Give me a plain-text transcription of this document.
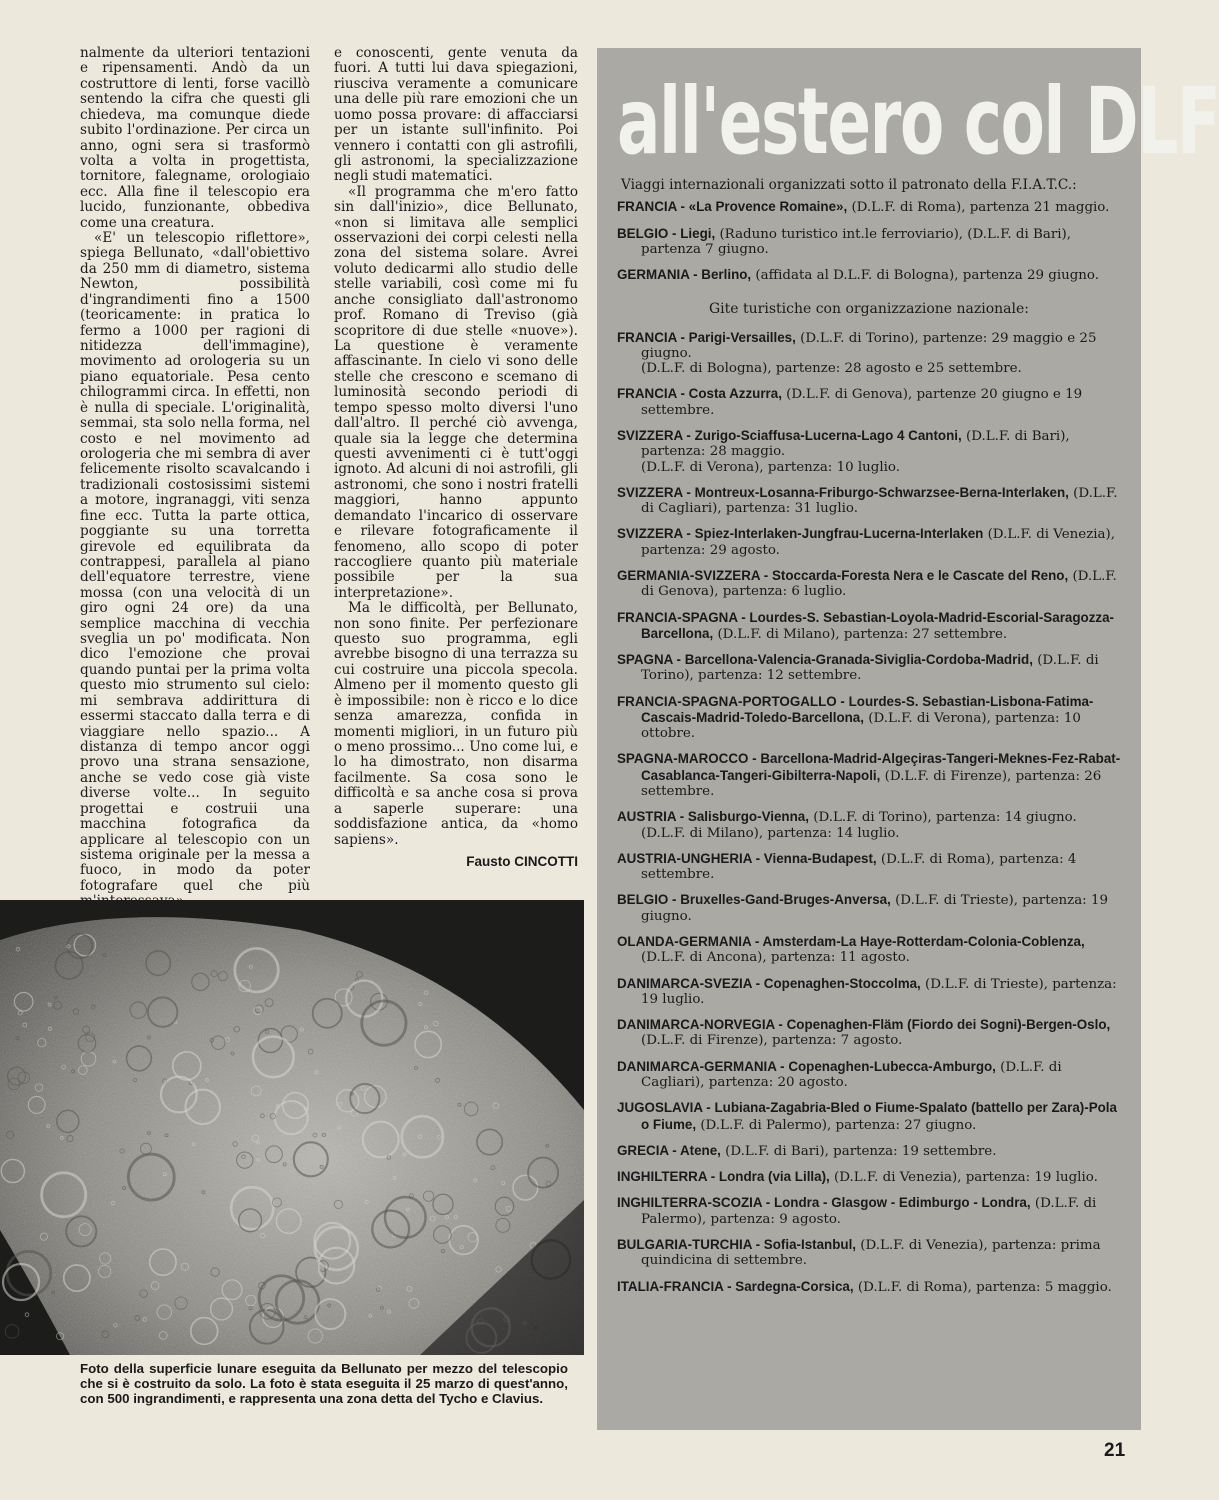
nalmente da ulteriori tentazioni e ripensamenti. Andò da un costruttore di lenti, forse vacillò sentendo la cifra che questi gli chiedeva, ma comunque diede subito l'ordinazione. Per circa un anno, ogni sera si trasformò volta a volta in progettista, tornitore, falegname, orologiaio ecc. Alla fine il telescopio era lucido, funzionante, obbediva come una creatura.

«E' un telescopio riflettore», spiega Bellunato, «dall'obiettivo da 250 mm di diametro, sistema Newton, possibilità d'ingrandimenti fino a 1500 (teoricamente: in pratica lo fermo a 1000 per ragioni di nitidezza dell'immagine), movimento ad orologeria su un piano equatoriale. Pesa cento chilogrammi circa. In effetti, non è nulla di speciale. L'originalità, semmai, sta solo nella forma, nel costo e nel movimento ad orologeria che mi sembra di aver felicemente risolto scavalcando i tradizionali costosissimi sistemi a motore, ingranaggi, viti senza fine ecc. Tutta la parte ottica, poggiante su una torretta girevole ed equilibrata da contrappesi, parallela al piano dell'equatore terrestre, viene mossa (con una velocità di un giro ogni 24 ore) da una semplice macchina di vecchia sveglia un po' modificata. Non dico l'emozione che provai quando puntai per la prima volta questo mio strumento sul cielo: mi sembrava addirittura di essermi staccato dalla terra e di viaggiare nello spazio... A distanza di tempo ancor oggi provo una strana sensazione, anche se vedo cose già viste diverse volte... In seguito progettai e costruii una macchina fotografica da applicare al telescopio con un sistema originale per la messa a fuoco, in modo da poter fotografare quel che più

e conoscenti, gente venuta da fuori. A tutti lui dava spiegazioni, riusciva veramente a comunicare una delle più rare emozioni che un uomo possa provare: di affacciarsi per un istante sull'infinito. Poi vennero i contatti con gli astrofili, gli astronomi, la specializzazione negli studi matematici.

«Il programma che m'ero fatto sin dall'inizio», dice Bellunato, «non si limitava alle semplici osservazioni dei corpi celesti nella zona del sistema solare. Avrei voluto dedicarmi allo studio delle stelle variabili, così come mi fu anche consigliato dall'astronomo prof. Romano di Treviso (già scopritore di due stelle «nuove»). La questione è veramente affascinante. In cielo vi sono delle stelle che crescono e scemano di luminosità secondo periodi di tempo spesso molto diversi l'uno dall'altro. Il perché ciò avvenga, quale sia la legge che determina questi avvenimenti ci è tutt'oggi ignoto. Ad alcuni di noi astrofili, gli astronomi, che sono i nostri fratelli maggiori, hanno appunto demandato l'incarico di osservare e rilevare fotograficamente il fenomeno, allo scopo di poter raccogliere quanto più materiale possibile per la sua interpretazione».

Ma le difficoltà, per Bellunato, non sono finite. Per perfezionare questo suo programma, egli avrebbe bisogno di una terrazza su cui costruire una piccola specola. Almeno per il momento questo gli è impossibile: non è ricco e lo dice senza amarezza, confida in momenti migliori, in un futuro più o meno prossimo... Uno come lui, e lo ha dimostrato, non disarma facilmente. Sa cosa sono le difficoltà e sa anche cosa si prova a saperle superare: una soddisfazione antica, da «homo sapiens».

Fausto CINCOTTI
Foto della superficie lunare eseguita da Bellunato per mezzo del telescopio che si è costruito da solo. La foto è stata eseguita il 25 marzo di quest'anno, con 500 ingrandimenti, e rappresenta una zona detta del Tycho e Clavius.
all'estero col DLF
Viaggi internazionali organizzati sotto il patronato della F.I.A.T.C.:
FRANCIA - «La Provence Romaine», (D.L.F. di Roma), partenza 21 maggio.
BELGIO - Liegi, (Raduno turistico int.le ferroviario), (D.L.F. di Bari), partenza 7 giugno.
GERMANIA - Berlino, (affidata al D.L.F. di Bologna), partenza 29 giugno.
Gite turistiche con organizzazione nazionale:
FRANCIA - Parigi-Versailles, (D.L.F. di Torino), partenze: 29 maggio e 25 giugno.
(D.L.F. di Bologna), partenze: 28 agosto e 25 settembre.
FRANCIA - Costa Azzurra, (D.L.F. di Genova), partenze 20 giugno e 19 settembre.
SVIZZERA - Zurigo-Sciaffusa-Lucerna-Lago 4 Cantoni, (D.L.F. di Bari), partenza: 28 maggio.
(D.L.F. di Verona), partenza: 10 luglio.
SVIZZERA - Montreux-Losanna-Friburgo-Schwarzsee-Berna-Interlaken, (D.L.F. di Cagliari), partenza: 31 luglio.
SVIZZERA - Spiez-Interlaken-Jungfrau-Lucerna-Interlaken (D.L.F. di Venezia), partenza: 29 agosto.
GERMANIA-SVIZZERA - Stoccarda-Foresta Nera e le Cascate del Reno, (D.L.F. di Genova), partenza: 6 luglio.
FRANCIA-SPAGNA - Lourdes-S. Sebastian-Loyola-Madrid-Escorial-Saragozza-Barcellona, (D.L.F. di Milano), partenza: 27 settembre.
SPAGNA - Barcellona-Valencia-Granada-Siviglia-Cordoba-Madrid, (D.L.F. di Torino), partenza: 12 settembre.
FRANCIA-SPAGNA-PORTOGALLO - Lourdes-S. Sebastian-Lisbona-Fatima-Cascais-Madrid-Toledo-Barcellona, (D.L.F. di Verona), partenza: 10 ottobre.
SPAGNA-MAROCCO - Barcellona-Madrid-Algeçiras-Tangeri-Meknes-Fez-Rabat-Casablanca-Tangeri-Gibilterra-Napoli, (D.L.F. di Firenze), partenza: 26 settembre.
AUSTRIA - Salisburgo-Vienna, (D.L.F. di Torino), partenza: 14 giugno.
(D.L.F. di Milano), partenza: 14 luglio.
AUSTRIA-UNGHERIA - Vienna-Budapest, (D.L.F. di Roma), partenza: 4 settembre.
BELGIO - Bruxelles-Gand-Bruges-Anversa, (D.L.F. di Trieste), partenza: 19 giugno.
OLANDA-GERMANIA - Amsterdam-La Haye-Rotterdam-Colonia-Coblenza, (D.L.F. di Ancona), partenza: 11 agosto.
DANIMARCA-SVEZIA - Copenaghen-Stoccolma, (D.L.F. di Trieste), partenza: 19 luglio.
DANIMARCA-NORVEGIA - Copenaghen-Fläm (Fiordo dei Sogni)-Bergen-Oslo, (D.L.F. di Firenze), partenza: 7 agosto.
DANIMARCA-GERMANIA - Copenaghen-Lubecca-Amburgo, (D.L.F. di Cagliari), partenza: 20 agosto.
JUGOSLAVIA - Lubiana-Zagabria-Bled o Fiume-Spalato (battello per Zara)-Pola o Fiume, (D.L.F. di Palermo), partenza: 27 giugno.
GRECIA - Atene, (D.L.F. di Bari), partenza: 19 settembre.
INGHILTERRA - Londra (via Lilla), (D.L.F. di Venezia), partenza: 19 luglio.
INGHILTERRA-SCOZIA - Londra - Glasgow - Edimburgo - Londra, (D.L.F. di Palermo), partenza: 9 agosto.
BULGARIA-TURCHIA - Sofia-Istanbul, (D.L.F. di Venezia), partenza: prima quindicina di settembre.
ITALIA-FRANCIA - Sardegna-Corsica, (D.L.F. di Roma), partenza: 5 maggio.
21
